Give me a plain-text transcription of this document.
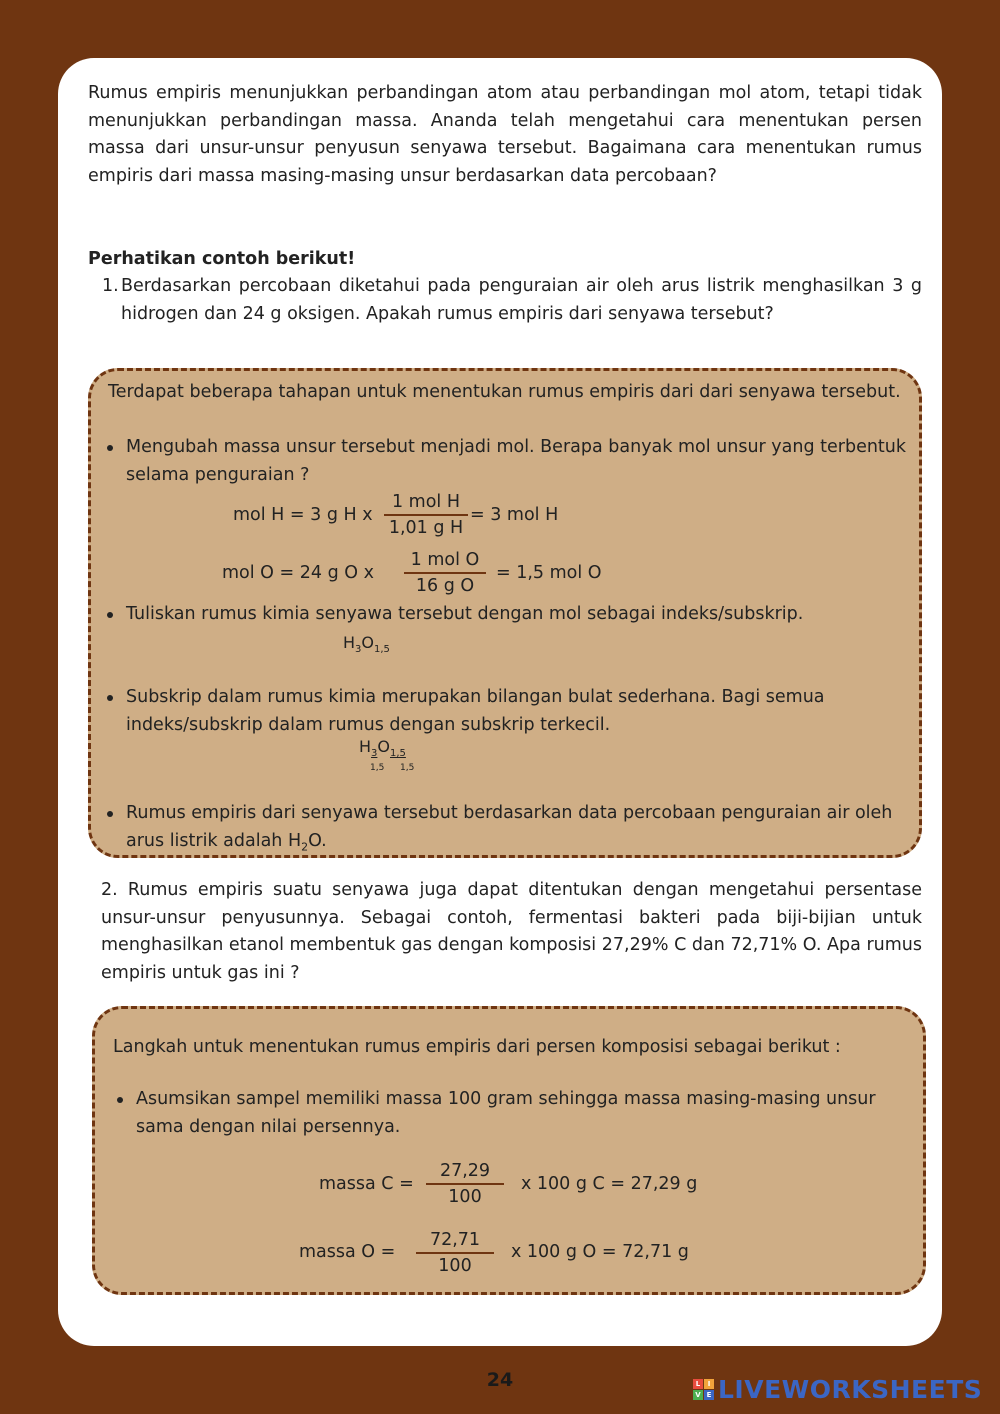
Rumus empiris menunjukkan perbandingan atom atau perbandingan mol atom, tetapi tidak menunjukkan perbandingan massa. Ananda telah mengetahui cara menentukan persen massa dari unsur-unsur penyusun senyawa tersebut. Bagaimana cara menentukan rumus empiris dari massa masing-masing unsur berdasarkan data percobaan?

Perhatikan contoh berikut!

1. Berdasarkan percobaan diketahui pada penguraian air oleh arus listrik menghasilkan 3 g hidrogen dan 24 g oksigen. Apakah rumus empiris dari senyawa tersebut?

Terdapat beberapa tahapan untuk menentukan rumus empiris dari dari senyawa tersebut.

Mengubah massa unsur tersebut menjadi mol. Berapa banyak mol unsur yang terbentuk selama penguraian ?

mol H = 3 g H x
1 mol H
1,01 g H
= 3 mol H
mol O = 24 g O x
1 mol O
16 g O
= 1,5 mol O

Tuliskan rumus kimia senyawa tersebut dengan mol sebagai indeks/subskrip.

$H_3O_{1,5}$

Subskrip dalam rumus kimia merupakan bilangan bulat sederhana. Bagi semua indeks/subskrip dalam rumus dengan subskrip terkecil.

$H_3O_{1,5}$
1,5 1,5

Rumus empiris dari senyawa tersebut berdasarkan data percobaan penguraian air oleh arus listrik adalah $H_2O$.

2. Rumus empiris suatu senyawa juga dapat ditentukan dengan mengetahui persentase unsur-unsur penyusunnya. Sebagai contoh, fermentasi bakteri pada biji-bijian untuk menghasilkan etanol membentuk gas dengan komposisi 27,29% C dan 72,71% O. Apa rumus empiris untuk gas ini ?

Langkah untuk menentukan rumus empiris dari persen komposisi sebagai berikut :

Asumsikan sampel memiliki massa 100 gram sehingga massa masing-masing unsur sama dengan nilai persennya.

massa $C = \frac{27,29}{100}$ x 100 g C = 27,29 g
massa $O = \frac{72,71}{100}$ x 100 g O = 72,71 g
24	L	I
V E LIVEWORKSHEETS
